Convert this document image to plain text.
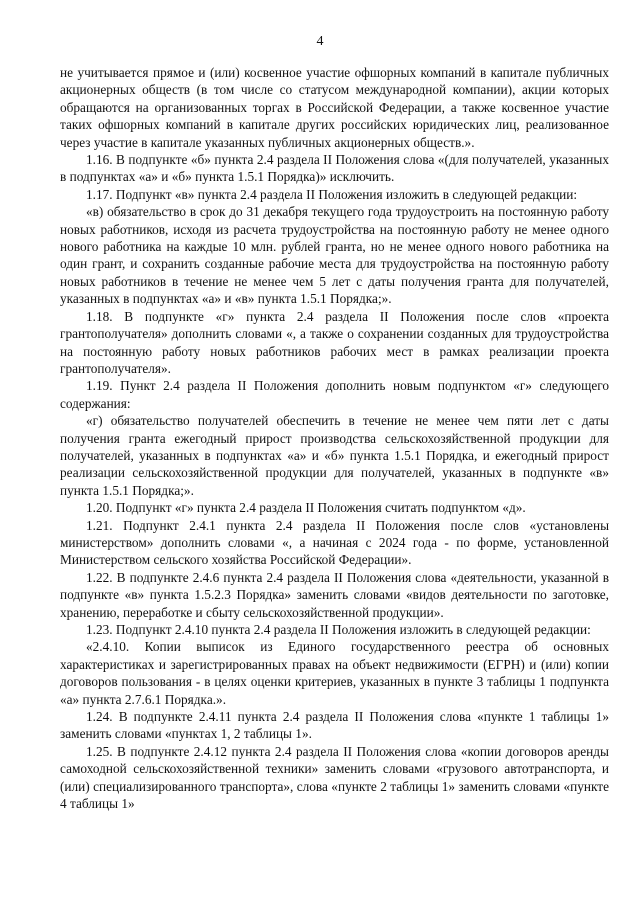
4

не учитывается прямое и (или) косвенное участие офшорных компаний в капитале публичных акционерных обществ (в том числе со статусом международной компании), акции которых обращаются на организованных торгах в Российской Федерации, а также косвенное участие таких офшорных компаний в капитале других российских юридических лиц, реализованное через участие в капитале указанных публичных акционерных обществ.».

1.16. В подпункте «б» пункта 2.4 раздела II Положения слова «(для получателей, указанных в подпунктах «а» и «б» пункта 1.5.1 Порядка)» исключить.

1.17. Подпункт «в» пункта 2.4 раздела II Положения изложить в следующей редакции:

«в) обязательство в срок до 31 декабря текущего года трудоустроить на постоянную работу новых работников, исходя из расчета трудоустройства на постоянную работу не менее одного нового работника на каждые 10 млн. рублей гранта, но не менее одного нового работника на один грант, и сохранить созданные рабочие места для трудоустройства на постоянную работу новых работников в течение не менее чем 5 лет с даты получения гранта для получателей, указанных в подпунктах «а» и «в» пункта 1.5.1 Порядка;».

1.18. В подпункте «г» пункта 2.4 раздела II Положения после слов «проекта грантополучателя» дополнить словами «, а также о сохранении созданных для трудоустройства на постоянную работу новых работников рабочих мест в рамках реализации проекта грантополучателя».

1.19. Пункт 2.4 раздела II Положения дополнить новым подпунктом «г» следующего содержания:

«г) обязательство получателей обеспечить в течение не менее чем пяти лет с даты получения гранта ежегодный прирост производства сельскохозяйственной продукции для получателей, указанных в подпунктах «а» и «б» пункта 1.5.1 Порядка, и ежегодный прирост реализации сельскохозяйственной продукции для получателей, указанных в подпункте «в» пункта 1.5.1 Порядка;».

1.20. Подпункт «г» пункта 2.4 раздела II Положения считать подпунктом «д».

1.21. Подпункт 2.4.1 пункта 2.4 раздела II Положения после слов «установлены министерством» дополнить словами «, а начиная с 2024 года - по форме, установленной Министерством сельского хозяйства Российской Федерации».

1.22. В подпункте 2.4.6 пункта 2.4 раздела II Положения слова «деятельности, указанной в подпункте «в» пункта 1.5.2.3 Порядка» заменить словами «видов деятельности по заготовке, хранению, переработке и сбыту сельскохозяйственной продукции».

1.23. Подпункт 2.4.10 пункта 2.4 раздела II Положения изложить в следующей редакции:

«2.4.10. Копии выписок из Единого государственного реестра об основных характеристиках и зарегистрированных правах на объект недвижимости (ЕГРН) и (или) копии договоров пользования - в целях оценки критериев, указанных в пункте 3 таблицы 1 подпункта «а» пункта 2.7.6.1 Порядка.».

1.24. В подпункте 2.4.11 пункта 2.4 раздела II Положения слова «пункте 1 таблицы 1» заменить словами «пунктах 1, 2 таблицы 1».

1.25. В подпункте 2.4.12 пункта 2.4 раздела II Положения слова «копии договоров аренды самоходной сельскохозяйственной техники» заменить словами «грузового автотранспорта, и (или) специализированного транспорта», слова «пункте 2 таблицы 1» заменить словами «пункте 4 таблицы 1»
